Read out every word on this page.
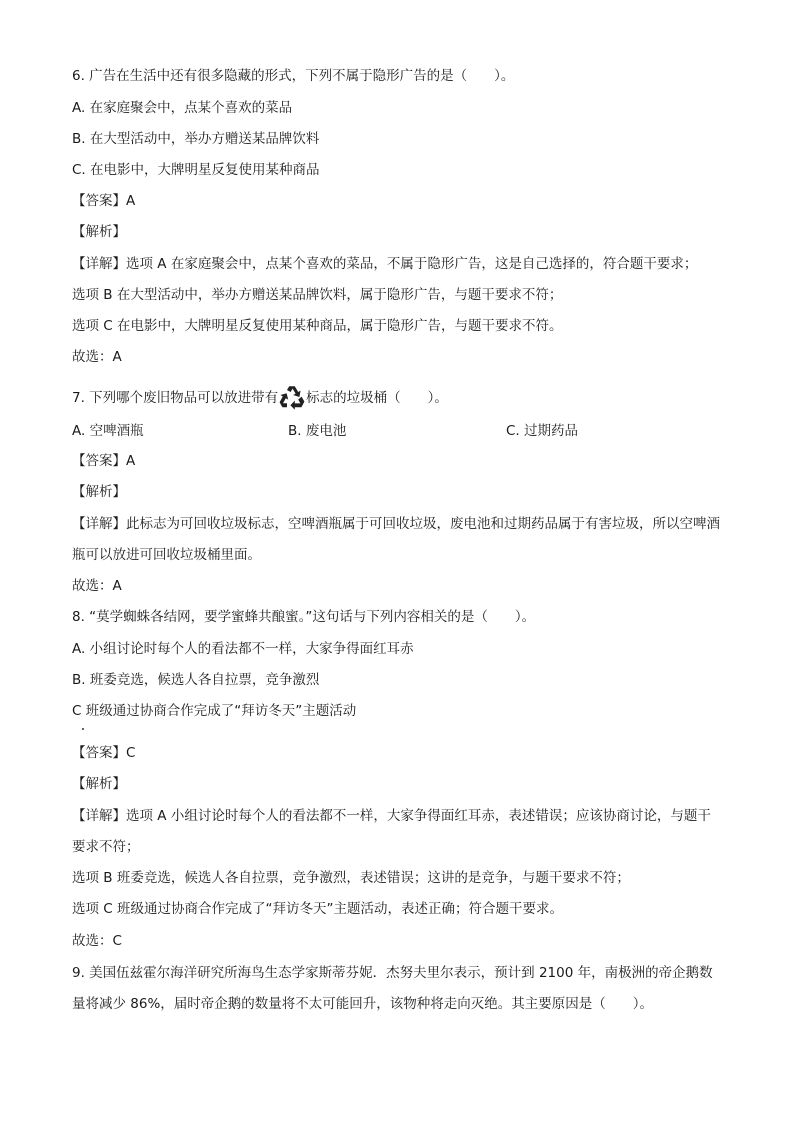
6. 广告在生活中还有很多隐藏的形式，下列不属于隐形广告的是（　　）。
A. 在家庭聚会中，点某个喜欢的菜品
B. 在大型活动中，举办方赠送某品牌饮料
C. 在电影中，大牌明星反复使用某种商品
【答案】A
【解析】
【详解】选项 A 在家庭聚会中，点某个喜欢的菜品，不属于隐形广告，这是自己选择的，符合题干要求；
选项 B 在大型活动中，举办方赠送某品牌饮料，属于隐形广告，与题干要求不符；
选项 C 在电影中，大牌明星反复使用某种商品，属于隐形广告，与题干要求不符。
故选：A
7. 下列哪个废旧物品可以放进带有 标志的垃圾桶（　　）。
A. 空啤酒瓶	B. 废电池	C. 过期药品
【答案】A
【解析】
【详解】此标志为可回收垃圾标志，空啤酒瓶属于可回收垃圾，废电池和过期药品属于有害垃圾，所以空啤酒瓶可以放进可回收垃圾桶里面。
故选：A
8. “莫学蜘蛛各结网，要学蜜蜂共酿蜜。”这句话与下列内容相关的是（　　）。
A. 小组讨论时每个人的看法都不一样，大家争得面红耳赤
B. 班委竞选，候选人各自拉票，竞争激烈
C 班级通过协商合作完成了“拜访冬天”主题活动
【答案】C
【解析】
【详解】选项 A 小组讨论时每个人的看法都不一样，大家争得面红耳赤，表述错误；应该协商讨论，与题干要求不符；
选项 B 班委竞选，候选人各自拉票，竞争激烈，表述错误；这讲的是竞争，与题干要求不符；
选项 C 班级通过协商合作完成了“拜访冬天”主题活动，表述正确；符合题干要求。
故选：C
9. 美国伍兹霍尔海洋研究所海鸟生态学家斯蒂芬妮．杰努夫里尔表示，预计到 2100 年，南极洲的帝企鹅数量将减少 86%，届时帝企鹅的数量将不太可能回升，该物种将走向灭绝。其主要原因是（　　）。
